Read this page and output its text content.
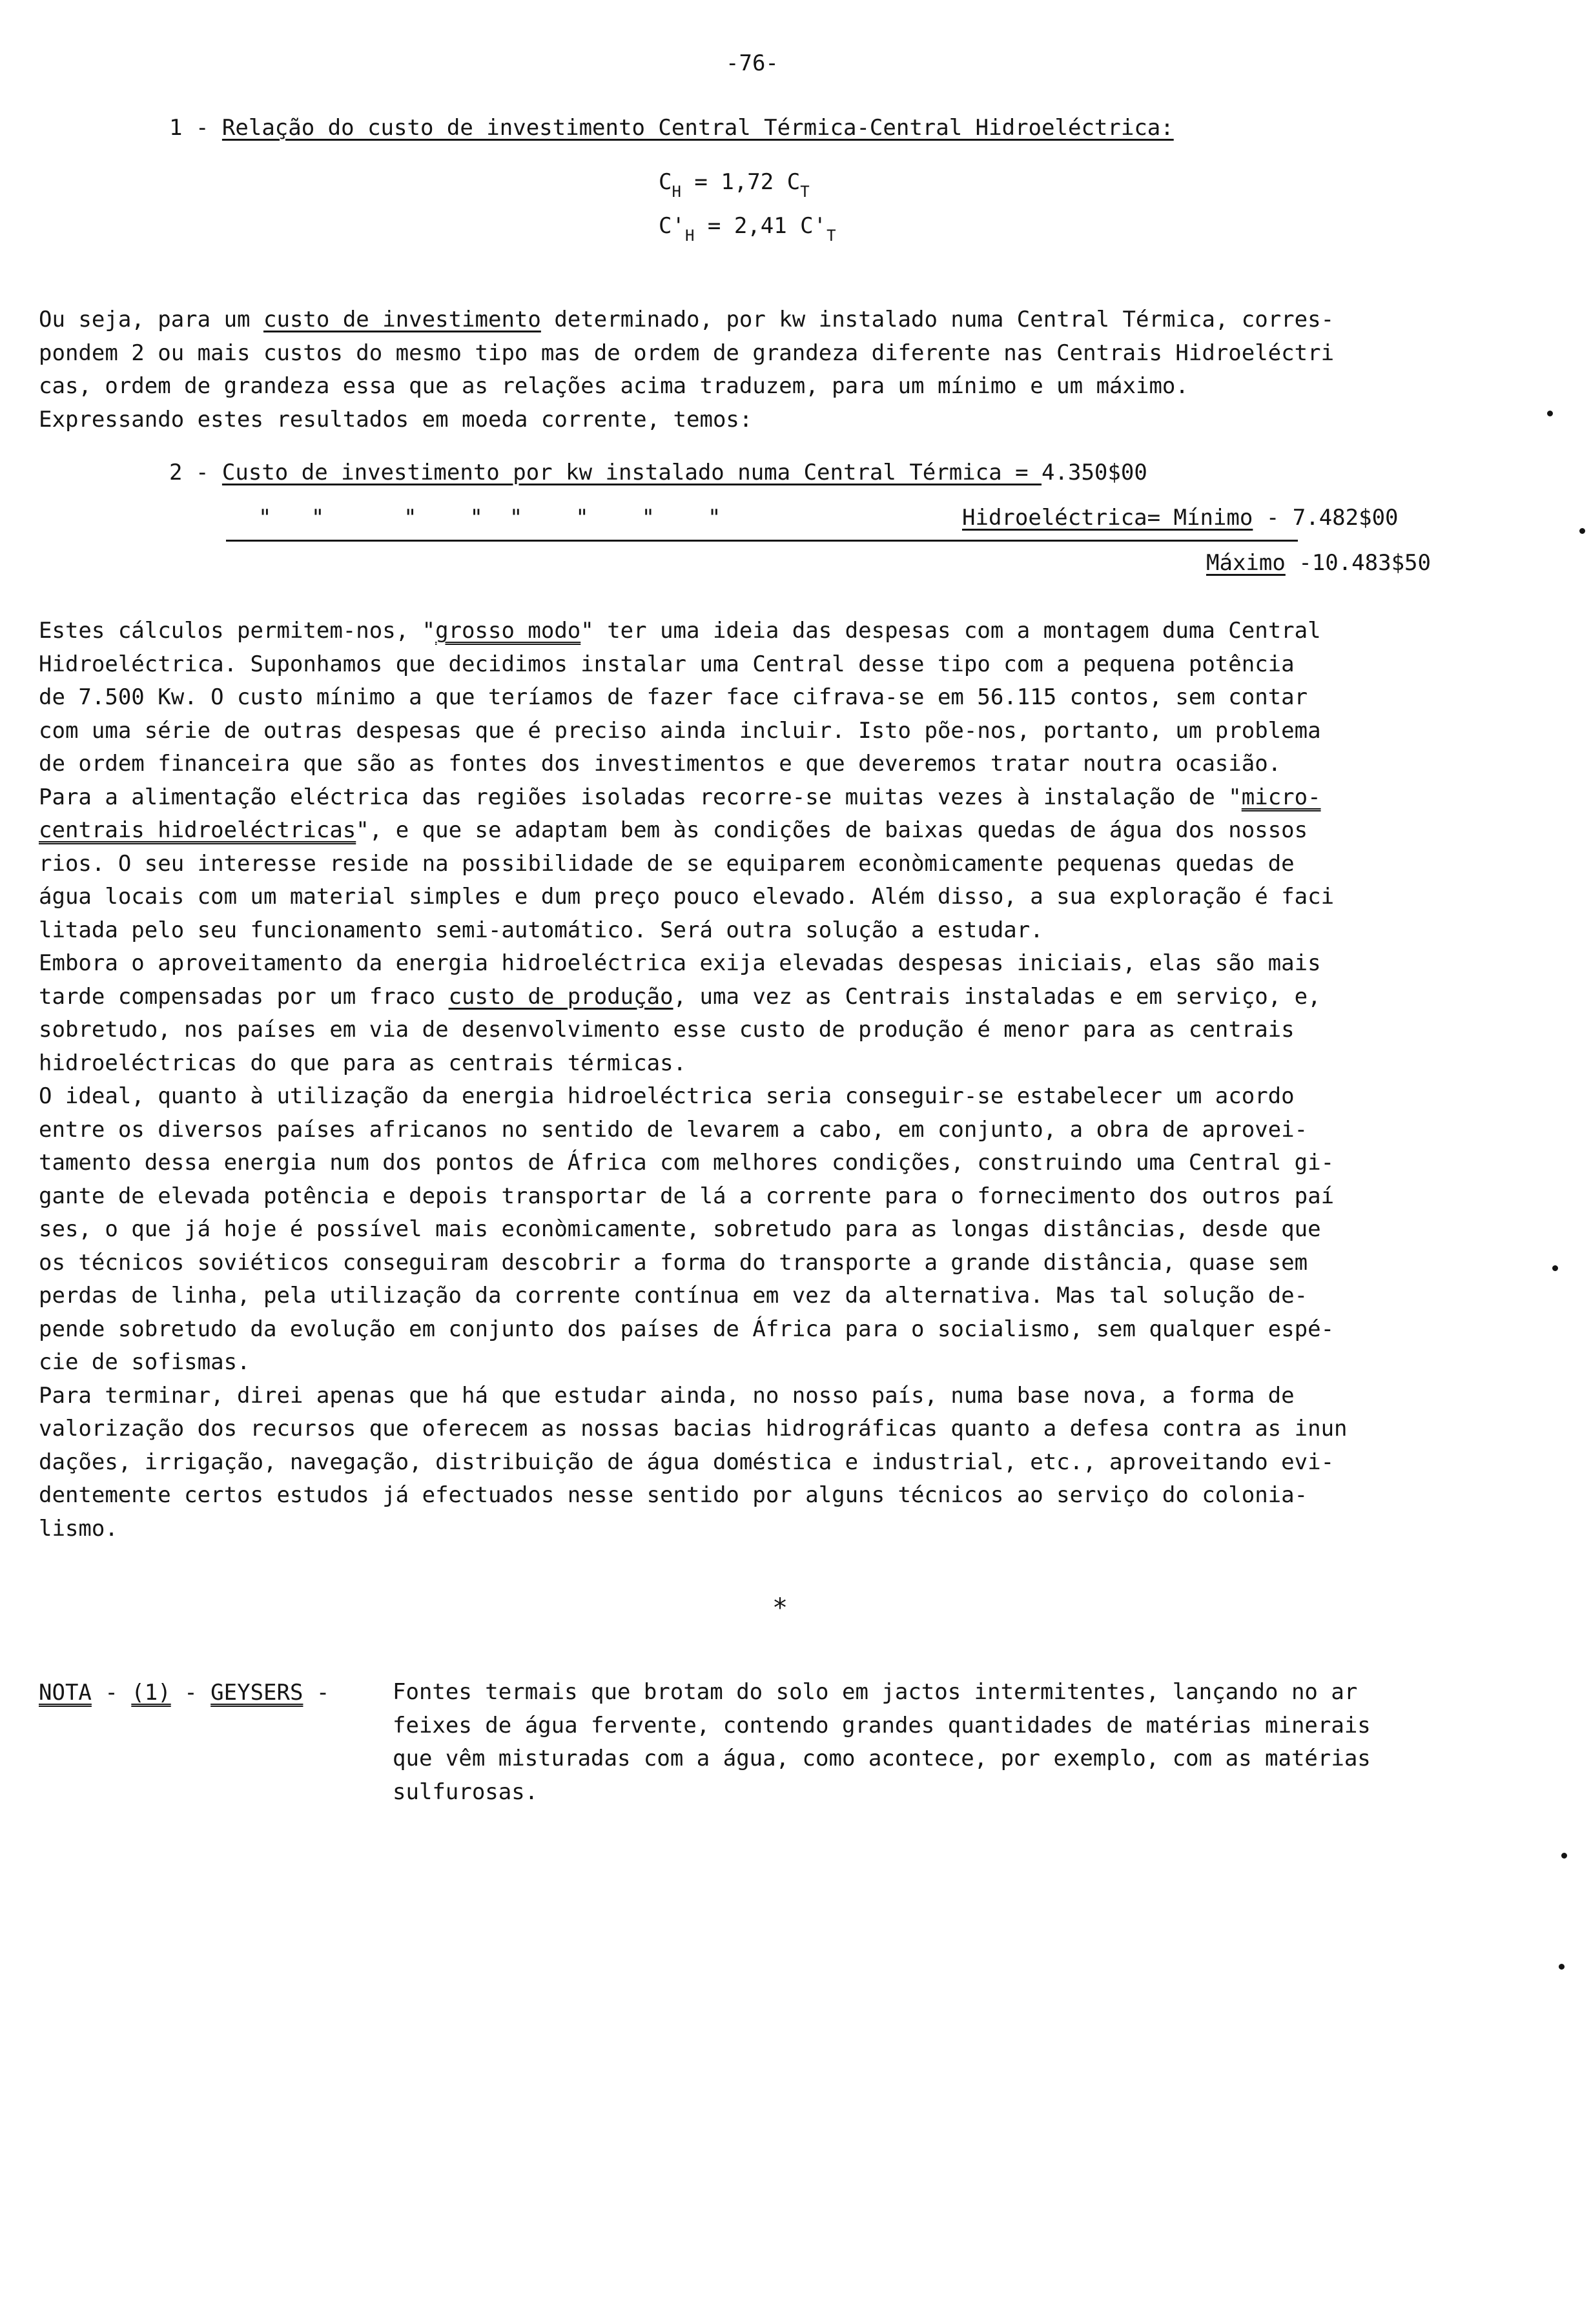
-76-
1 - Relação do custo de investimento Central Térmica-Central Hidroeléctrica:
$C_H = 1,72$ $C_T$
$C'_H = 2,41$ $C'_T$
Ou seja, para um custo de investimento determinado, por kw instalado numa Central Térmica, corres-
pondem 2 ou mais custos do mesmo tipo mas de ordem de grandeza diferente nas Centrais Hidroeléctri
cas, ordem de grandeza essa que as relações acima traduzem, para um mínimo e um máximo.
Expressando estes resultados em moeda corrente, temos:
2 - Custo de investimento por kw instalado numa Central Térmica = 4.350$00
"   "      "    "  "    "    "    "	Hidroeléctrica= Mínimo - 7.482$00
Máximo -10.483$50
Estes cálculos permitem-nos, "grosso modo" ter uma ideia das despesas com a montagem duma Central
Hidroeléctrica. Suponhamos que decidimos instalar uma Central desse tipo com a pequena potência
de 7.500 Kw. O custo mínimo a que teríamos de fazer face cifrava-se em 56.115 contos, sem contar
com uma série de outras despesas que é preciso ainda incluir. Isto põe-nos, portanto, um problema
de ordem financeira que são as fontes dos investimentos e que deveremos tratar noutra ocasião.
Para a alimentação eléctrica das regiões isoladas recorre-se muitas vezes à instalação de "micro-
centrais hidroeléctricas", e que se adaptam bem às condições de baixas quedas de água dos nossos
rios. O seu interesse reside na possibilidade de se equiparem econòmicamente pequenas quedas de
água locais com um material simples e dum preço pouco elevado. Além disso, a sua exploração é faci
litada pelo seu funcionamento semi-automático. Será outra solução a estudar.
Embora o aproveitamento da energia hidroeléctrica exija elevadas despesas iniciais, elas são mais
tarde compensadas por um fraco custo de produção, uma vez as Centrais instaladas e em serviço, e,
sobretudo, nos países em via de desenvolvimento esse custo de produção é menor para as centrais
hidroeléctricas do que para as centrais térmicas.
O ideal, quanto à utilização da energia hidroeléctrica seria conseguir-se estabelecer um acordo
entre os diversos países africanos no sentido de levarem a cabo, em conjunto, a obra de aprovei-
tamento dessa energia num dos pontos de África com melhores condições, construindo uma Central gi-
gante de elevada potência e depois transportar de lá a corrente para o fornecimento dos outros paí
ses, o que já hoje é possível mais econòmicamente, sobretudo para as longas distâncias, desde que
os técnicos soviéticos conseguiram descobrir a forma do transporte a grande distância, quase sem
perdas de linha, pela utilização da corrente contínua em vez da alternativa. Mas tal solução de-
pende sobretudo da evolução em conjunto dos países de África para o socialismo, sem qualquer espé-
cie de sofismas.
Para terminar, direi apenas que há que estudar ainda, no nosso país, numa base nova, a forma de
valorização dos recursos que oferecem as nossas bacias hidrográficas quanto a defesa contra as inun
dações, irrigação, navegação, distribuição de água doméstica e industrial, etc., aproveitando evi-
dentemente certos estudos já efectuados nesse sentido por alguns técnicos ao serviço do colonia-
lismo.
*
NOTA - (1) - GEYSERS - Fontes termais que brotam do solo em jactos intermitentes, lançando no ar
feixes de água fervente, contendo grandes quantidades de matérias minerais
que vêm misturadas com a água, como acontece, por exemplo, com as matérias
sulfurosas.
